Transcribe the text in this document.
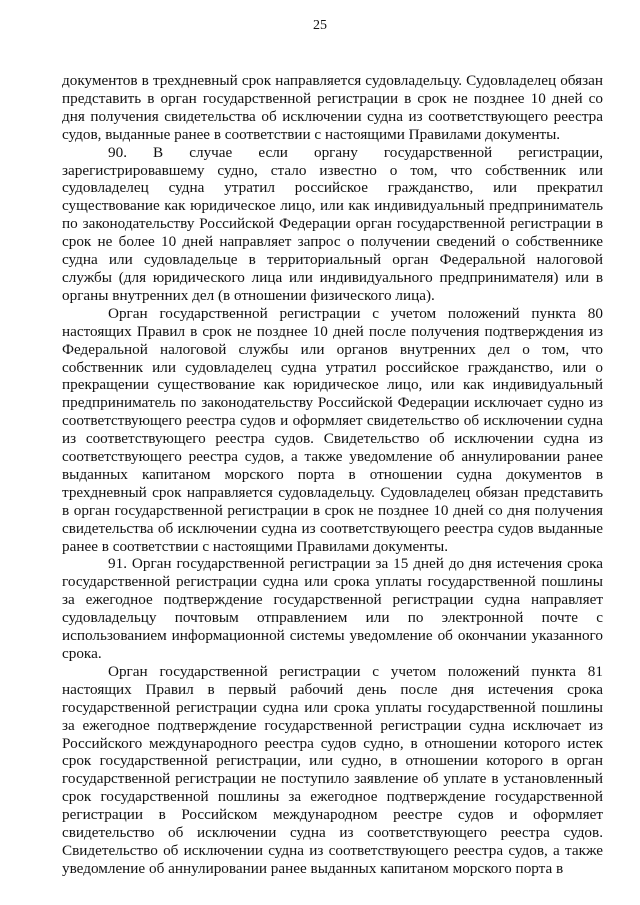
25

документов в трехдневный срок направляется судовладельцу. Судовладелец обязан представить в орган государственной регистрации в срок не позднее 10 дней со дня получения свидетельства об исключении судна из соответствующего реестра судов, выданные ранее в соответствии с настоящими Правилами документы.

90. В случае если органу государственной регистрации, зарегистрировавшему судно, стало известно о том, что собственник или судовладелец судна утратил российское гражданство, или прекратил существование как юридическое лицо, или как индивидуальный предприниматель по законодательству Российской Федерации орган государственной регистрации в срок не более 10 дней направляет запрос о получении сведений о собственнике судна или судовладельце в территориальный орган Федеральной налоговой службы (для юридического лица или индивидуального предпринимателя) или в органы внутренних дел (в отношении физического лица).

Орган государственной регистрации с учетом положений пункта 80 настоящих Правил в срок не позднее 10 дней после получения подтверждения из Федеральной налоговой службы или органов внутренних дел о том, что собственник или судовладелец судна утратил российское гражданство, или о прекращении существование как юридическое лицо, или как индивидуальный предприниматель по законодательству Российской Федерации исключает судно из соответствующего реестра судов и оформляет свидетельство об исключении судна из соответствующего реестра судов. Свидетельство об исключении судна из соответствующего реестра судов, а также уведомление об аннулировании ранее выданных капитаном морского порта в отношении судна документов в трехдневный срок направляется судовладельцу. Судовладелец обязан представить в орган государственной регистрации в срок не позднее 10 дней со дня получения свидетельства об исключении судна из соответствующего реестра судов выданные ранее в соответствии с настоящими Правилами документы.

91. Орган государственной регистрации за 15 дней до дня истечения срока государственной регистрации судна или срока уплаты государственной пошлины за ежегодное подтверждение государственной регистрации судна направляет судовладельцу почтовым отправлением или по электронной почте с использованием информационной системы уведомление об окончании указанного срока.

Орган государственной регистрации с учетом положений пункта 81 настоящих Правил в первый рабочий день после дня истечения срока государственной регистрации судна или срока уплаты государственной пошлины за ежегодное подтверждение государственной регистрации судна исключает из Российского международного реестра судов судно, в отношении которого истек срок государственной регистрации, или судно, в отношении которого в орган государственной регистрации не поступило заявление об уплате в установленный срок государственной пошлины за ежегодное подтверждение государственной регистрации в Российском международном реестре судов и оформляет свидетельство об исключении судна из соответствующего реестра судов. Свидетельство об исключении судна из соответствующего реестра судов, а также уведомление об аннулировании ранее выданных капитаном морского порта в
